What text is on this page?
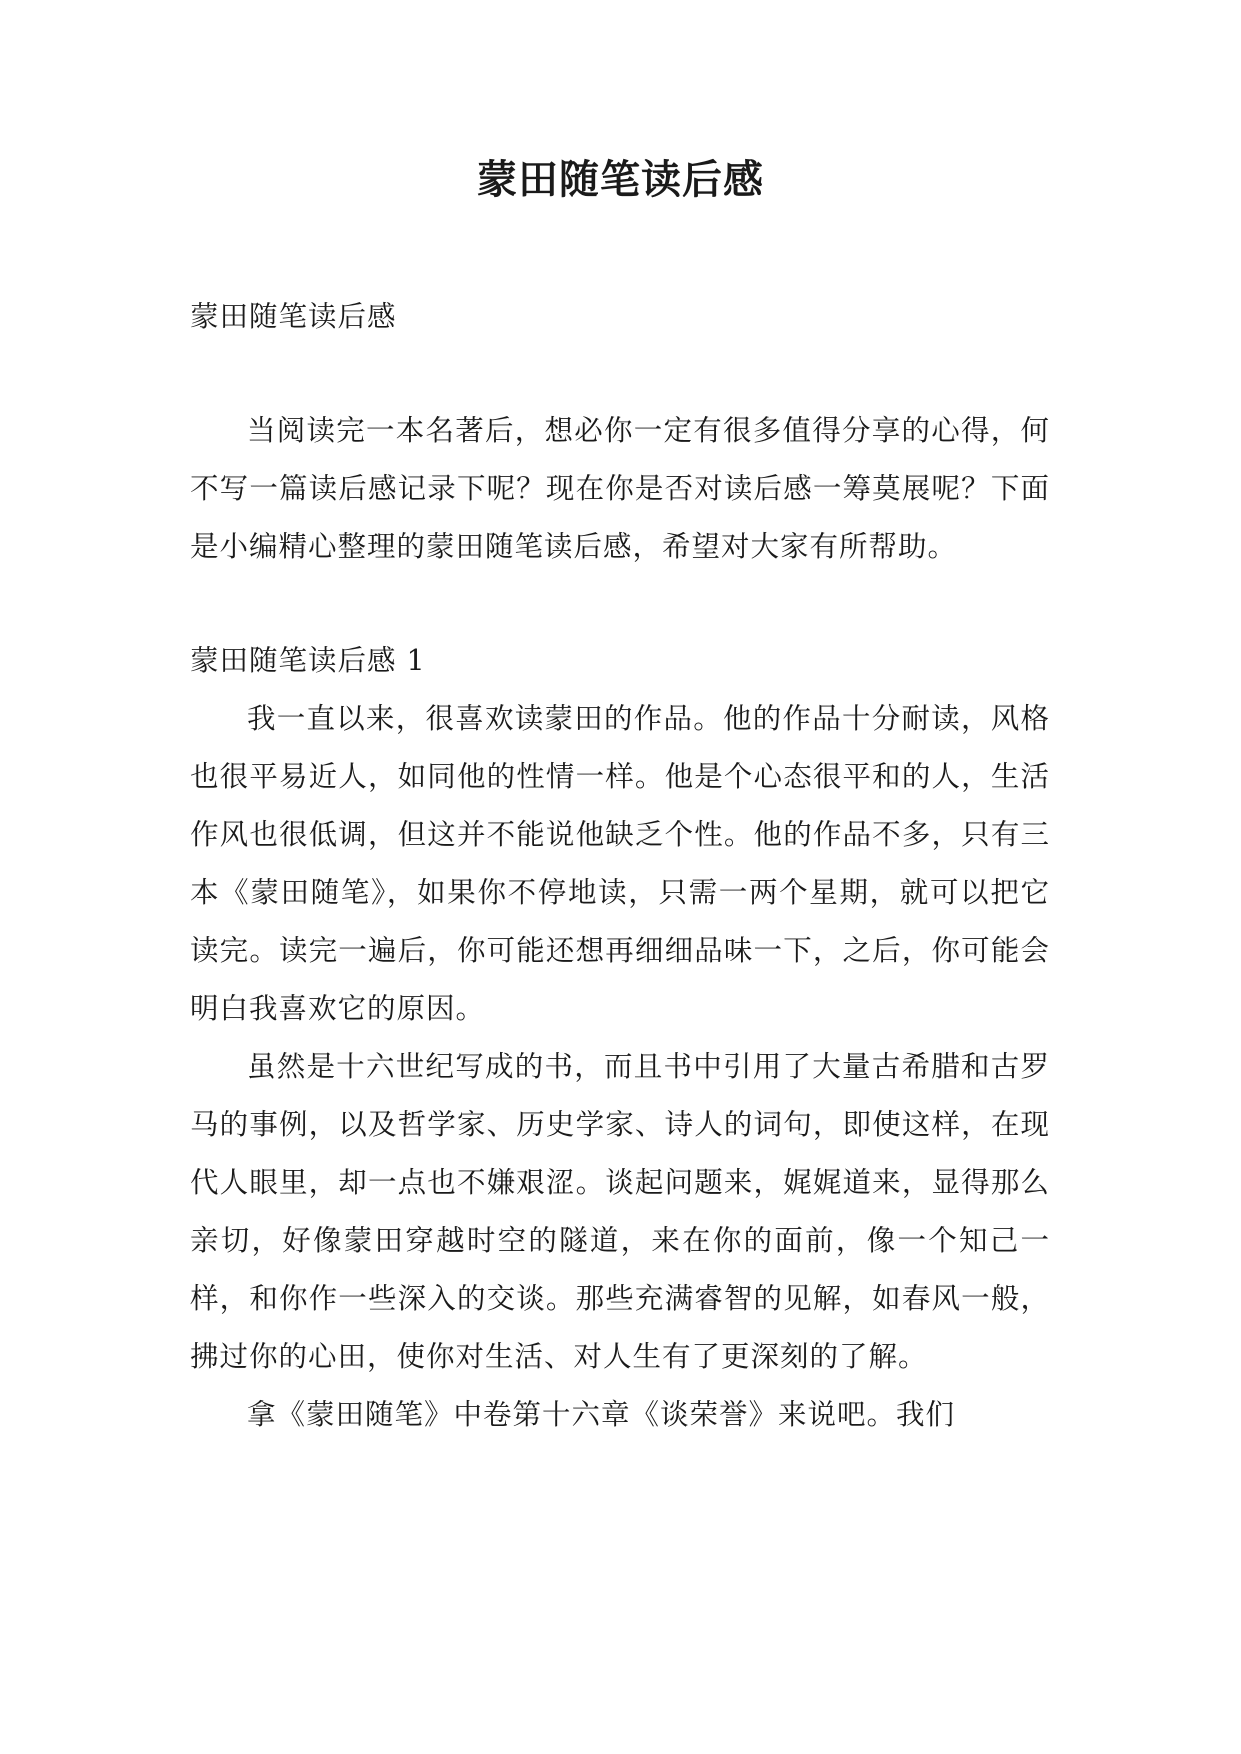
蒙田随笔读后感

蒙田随笔读后感

当阅读完一本名著后，想必你一定有很多值得分享的心得，何不写一篇读后感记录下呢？现在你是否对读后感一筹莫展呢？下面是小编精心整理的蒙田随笔读后感，希望对大家有所帮助。

蒙田随笔读后感 1

我一直以来，很喜欢读蒙田的作品。他的作品十分耐读，风格也很平易近人，如同他的性情一样。他是个心态很平和的人，生活作风也很低调，但这并不能说他缺乏个性。他的作品不多，只有三本《蒙田随笔》，如果你不停地读，只需一两个星期，就可以把它读完。读完一遍后，你可能还想再细细品味一下，之后，你可能会明白我喜欢它的原因。

虽然是十六世纪写成的书，而且书中引用了大量古希腊和古罗马的事例，以及哲学家、历史学家、诗人的词句，即使这样，在现代人眼里，却一点也不嫌艰涩。谈起问题来，娓娓道来，显得那么亲切，好像蒙田穿越时空的隧道，来在你的面前，像一个知己一样，和你作一些深入的交谈。那些充满睿智的见解，如春风一般，拂过你的心田，使你对生活、对人生有了更深刻的了解。

拿《蒙田随笔》中卷第十六章《谈荣誉》来说吧。我们
